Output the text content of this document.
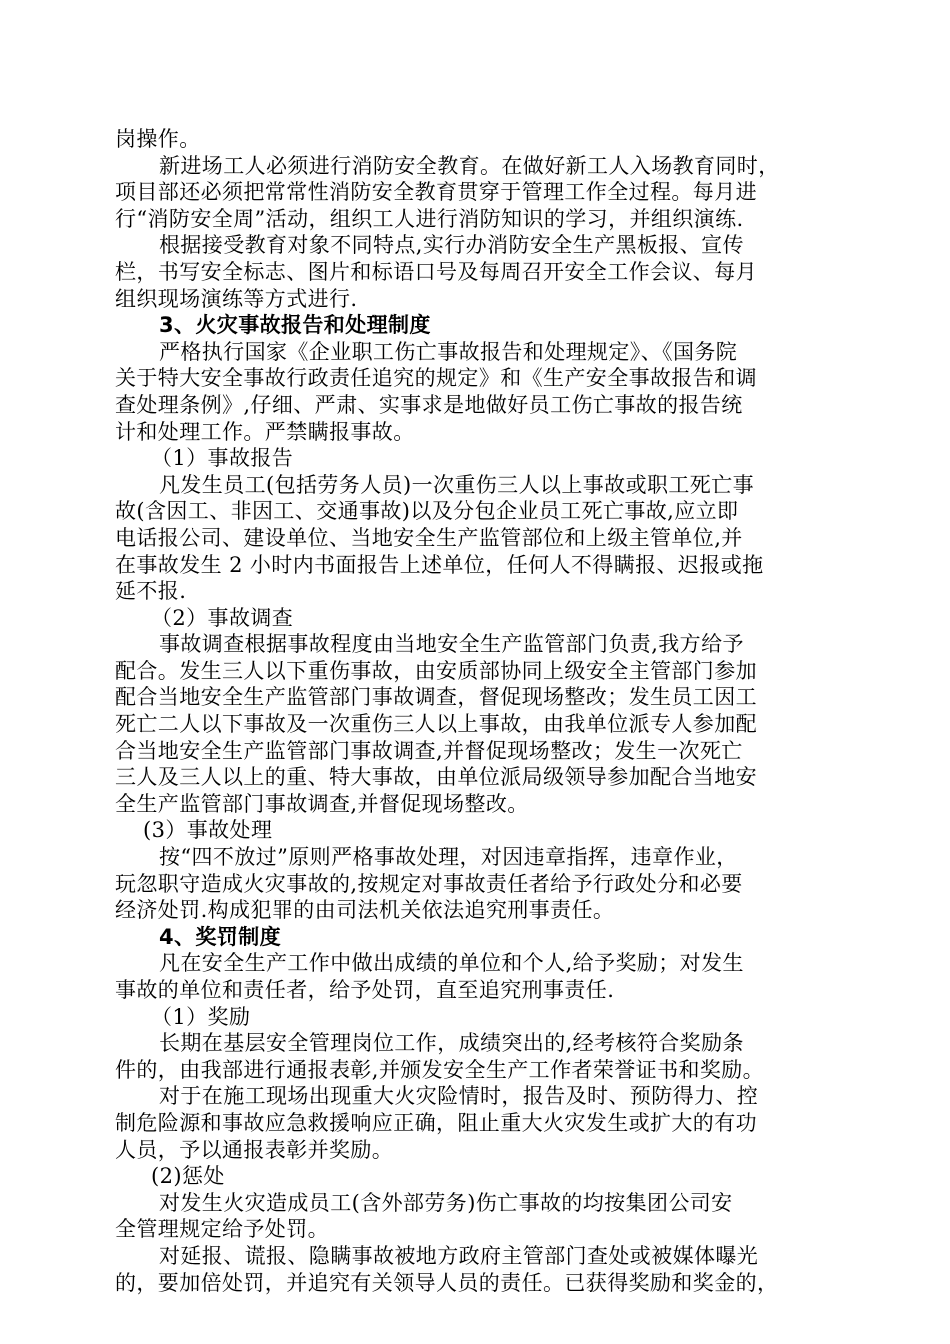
岗操作。
新进场工人必须进行消防安全教育。在做好新工人入场教育同时，
项目部还必须把常常性消防安全教育贯穿于管理工作全过程。每月进
行“消防安全周”活动，组织工人进行消防知识的学习，并组织演练.
根据接受教育对象不同特点,实行办消防安全生产黑板报、宣传
栏，书写安全标志、图片和标语口号及每周召开安全工作会议、每月
组织现场演练等方式进行.
3、火灾事故报告和处理制度
严格执行国家《企业职工伤亡事故报告和处理规定》、《国务院
关于特大安全事故行政责任追究的规定》和《生产安全事故报告和调
查处理条例》,仔细、严肃、实事求是地做好员工伤亡事故的报告统
计和处理工作。严禁瞒报事故。
（1）事故报告
凡发生员工(包括劳务人员)一次重伤三人以上事故或职工死亡事
故(含因工、非因工、交通事故)以及分包企业员工死亡事故,应立即
电话报公司、建设单位、当地安全生产监管部位和上级主管单位,并
在事故发生 2 小时内书面报告上述单位，任何人不得瞒报、迟报或拖
延不报.
（2）事故调查
事故调查根据事故程度由当地安全生产监管部门负责,我方给予
配合。发生三人以下重伤事故，由安质部协同上级安全主管部门参加
配合当地安全生产监管部门事故调查，督促现场整改；发生员工因工
死亡二人以下事故及一次重伤三人以上事故，由我单位派专人参加配
合当地安全生产监管部门事故调查,并督促现场整改；发生一次死亡
三人及三人以上的重、特大事故，由单位派局级领导参加配合当地安
全生产监管部门事故调查,并督促现场整改。
(3）事故处理
按“四不放过”原则严格事故处理，对因违章指挥，违章作业，
玩忽职守造成火灾事故的,按规定对事故责任者给予行政处分和必要
经济处罚.构成犯罪的由司法机关依法追究刑事责任。
4、奖罚制度
凡在安全生产工作中做出成绩的单位和个人,给予奖励；对发生
事故的单位和责任者，给予处罚，直至追究刑事责任.
（1）奖励
长期在基层安全管理岗位工作，成绩突出的,经考核符合奖励条
件的，由我部进行通报表彰,并颁发安全生产工作者荣誉证书和奖励。
对于在施工现场出现重大火灾险情时，报告及时、预防得力、控
制危险源和事故应急救援响应正确，阻止重大火灾发生或扩大的有功
人员，予以通报表彰并奖励。
(2)惩处
对发生火灾造成员工(含外部劳务)伤亡事故的均按集团公司安
全管理规定给予处罚。
对延报、谎报、隐瞒事故被地方政府主管部门查处或被媒体曝光
的，要加倍处罚，并追究有关领导人员的责任。已获得奖励和奖金的，
